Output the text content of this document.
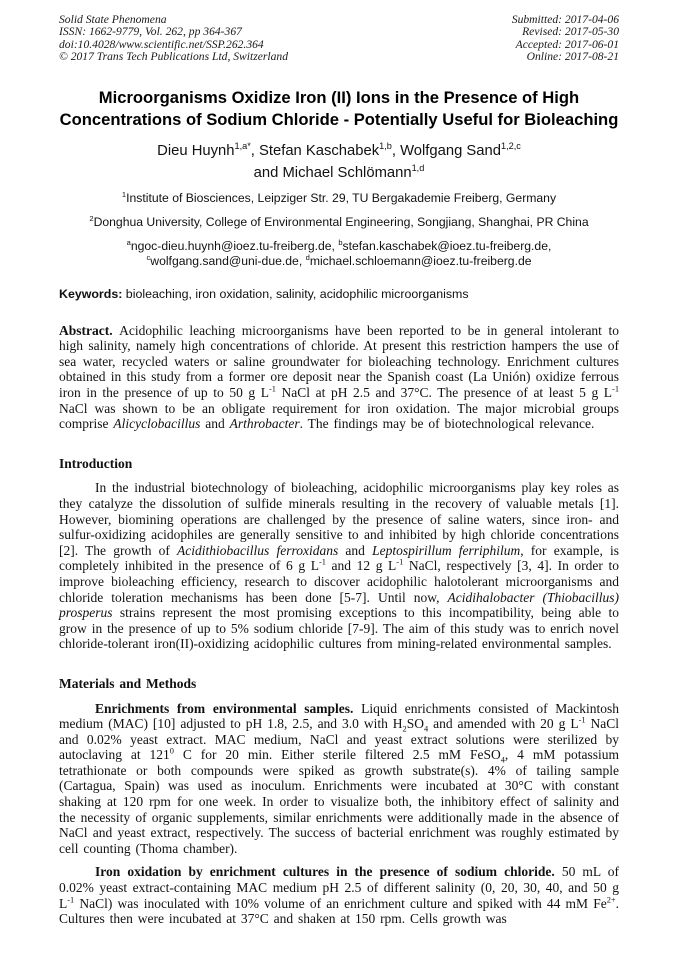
Solid State Phenomena
ISSN: 1662-9779, Vol. 262, pp 364-367
doi:10.4028/www.scientific.net/SSP.262.364
© 2017 Trans Tech Publications Ltd, Switzerland
Submitted: 2017-04-06
Revised: 2017-05-30
Accepted: 2017-06-01
Online: 2017-08-21
Microorganisms Oxidize Iron (II) Ions in the Presence of High
Concentrations of Sodium Chloride - Potentially Useful for Bioleaching
Dieu Huynh$^{1,a*}$, Stefan Kaschabek$^{1,b}$, Wolfgang Sand$^{1,2,c}$
and Michael Schlömann$^{1,d}$
$^1$Institute of Biosciences, Leipziger Str. 29, TU Bergakademie Freiberg, Germany
$^2$Donghua University, College of Environmental Engineering, Songjiang, Shanghai, PR China
$^a$ngoc-dieu.huynh@ioez.tu-freiberg.de, $^b$stefan.kaschabek@ioez.tu-freiberg.de,
$^c$wolfgang.sand@uni-due.de, $^d$michael.schloemann@ioez.tu-freiberg.de
Keywords: bioleaching, iron oxidation, salinity, acidophilic microorganisms

Abstract. Acidophilic leaching microorganisms have been reported to be in general intolerant to high salinity, namely high concentrations of chloride. At present this restriction hampers the use of sea water, recycled waters or saline groundwater for bioleaching technology. Enrichment cultures obtained in this study from a former ore deposit near the Spanish coast (La Unión) oxidize ferrous iron in the presence of up to 50 g $L^{-1}$ NaCl at pH 2.5 and 37°C. The presence of at least 5 g $L^{-1}$ NaCl was shown to be an obligate requirement for iron oxidation. The major microbial groups comprise Alicyclobacillus and Arthrobacter. The findings may be of biotechnological relevance.

Introduction

In the industrial biotechnology of bioleaching, acidophilic microorganisms play key roles as they catalyze the dissolution of sulfide minerals resulting in the recovery of valuable metals [1]. However, biomining operations are challenged by the presence of saline waters, since iron- and sulfur-oxidizing acidophiles are generally sensitive to and inhibited by high chloride concentrations [2]. The growth of Acidithiobacillus ferroxidans and Leptospirillum ferriphilum, for example, is completely inhibited in the presence of 6 g $L^{-1}$ and 12 g $L^{-1}$ NaCl, respectively [3, 4]. In order to improve bioleaching efficiency, research to discover acidophilic halotolerant microorganisms and chloride toleration mechanisms has been done [5-7]. Until now, Acidihalobacter (Thiobacillus) prosperus strains represent the most promising exceptions to this incompatibility, being able to grow in the presence of up to 5% sodium chloride [7-9]. The aim of this study was to enrich novel chloride-tolerant iron(II)-oxidizing acidophilic cultures from mining-related environmental samples.

Materials and Methods

Enrichments from environmental samples. Liquid enrichments consisted of Mackintosh medium (MAC) [10] adjusted to pH 1.8, 2.5, and 3.0 with $H_2SO_4$ and amended with 20 g $L^{-1}$ NaCl and 0.02% yeast extract. MAC medium, NaCl and yeast extract solutions were sterilized by autoclaving at $121^0$ C for 20 min. Either sterile filtered 2.5 mM FeSO$_4$, 4 mM potassium tetrathionate or both compounds were spiked as growth substrate(s). 4% of tailing sample (Cartagua, Spain) was used as inoculum. Enrichments were incubated at 30°C with constant shaking at 120 rpm for one week. In order to visualize both, the inhibitory effect of salinity and the necessity of organic supplements, similar enrichments were additionally made in the absence of NaCl and yeast extract, respectively. The success of bacterial enrichment was roughly estimated by cell counting (Thoma chamber).

Iron oxidation by enrichment cultures in the presence of sodium chloride. 50 mL of 0.02% yeast extract-containing MAC medium pH 2.5 of different salinity (0, 20, 30, 40, and 50 g $L^{-1}$ NaCl) was inoculated with 10% volume of an enrichment culture and spiked with 44 mM $Fe^{2+}$. Cultures then were incubated at 37°C and shaken at 150 rpm. Cells growth was
